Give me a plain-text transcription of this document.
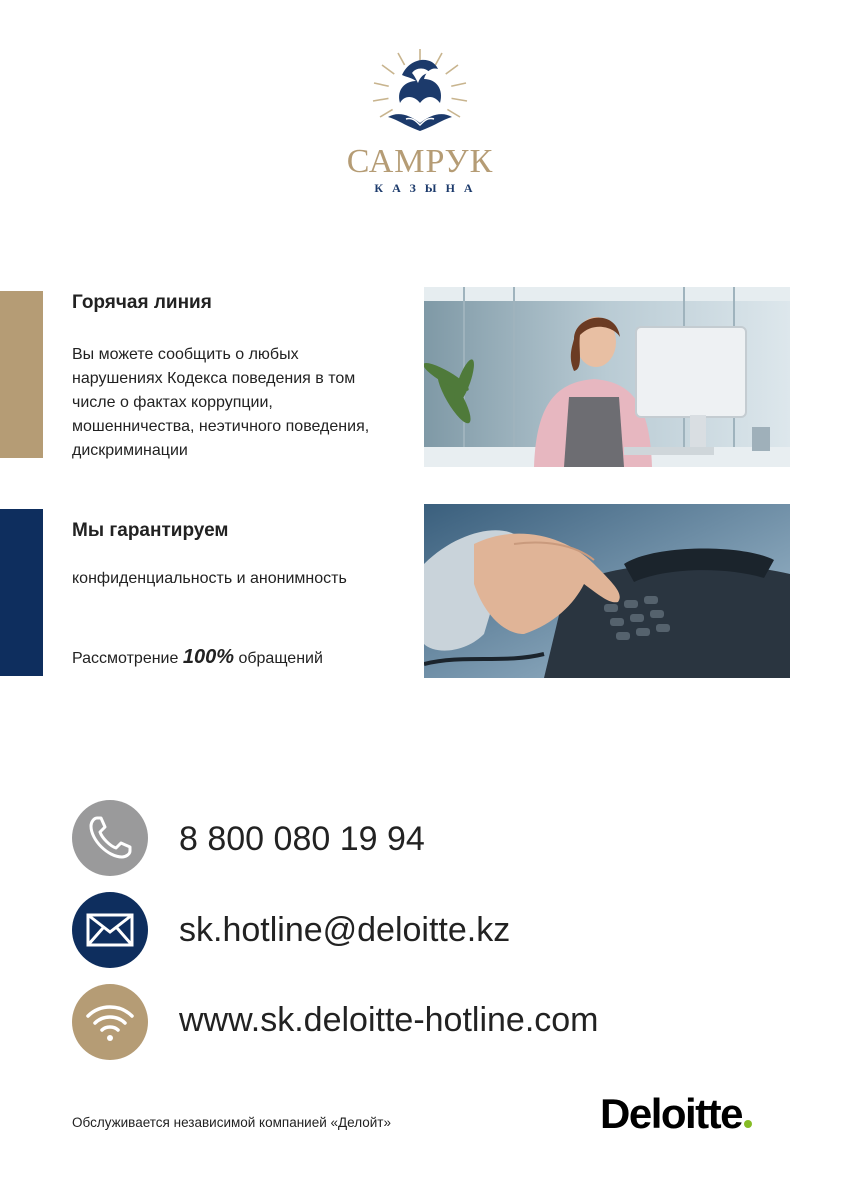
САМРУК
КАЗЫНА
Горячая линия
Вы можете сообщить о любых нарушениях Кодекса поведения в том числе о фактах коррупции, мошенничества, неэтичного поведения, дискриминации
Мы гарантируем
конфиденциальность и анонимность
Рассмотрение 100% обращений
8 800 080 19 94
sk.hotline@deloitte.kz
www.sk.deloitte-hotline.com
Обслуживается независимой компанией «Делойт»	Deloitte
